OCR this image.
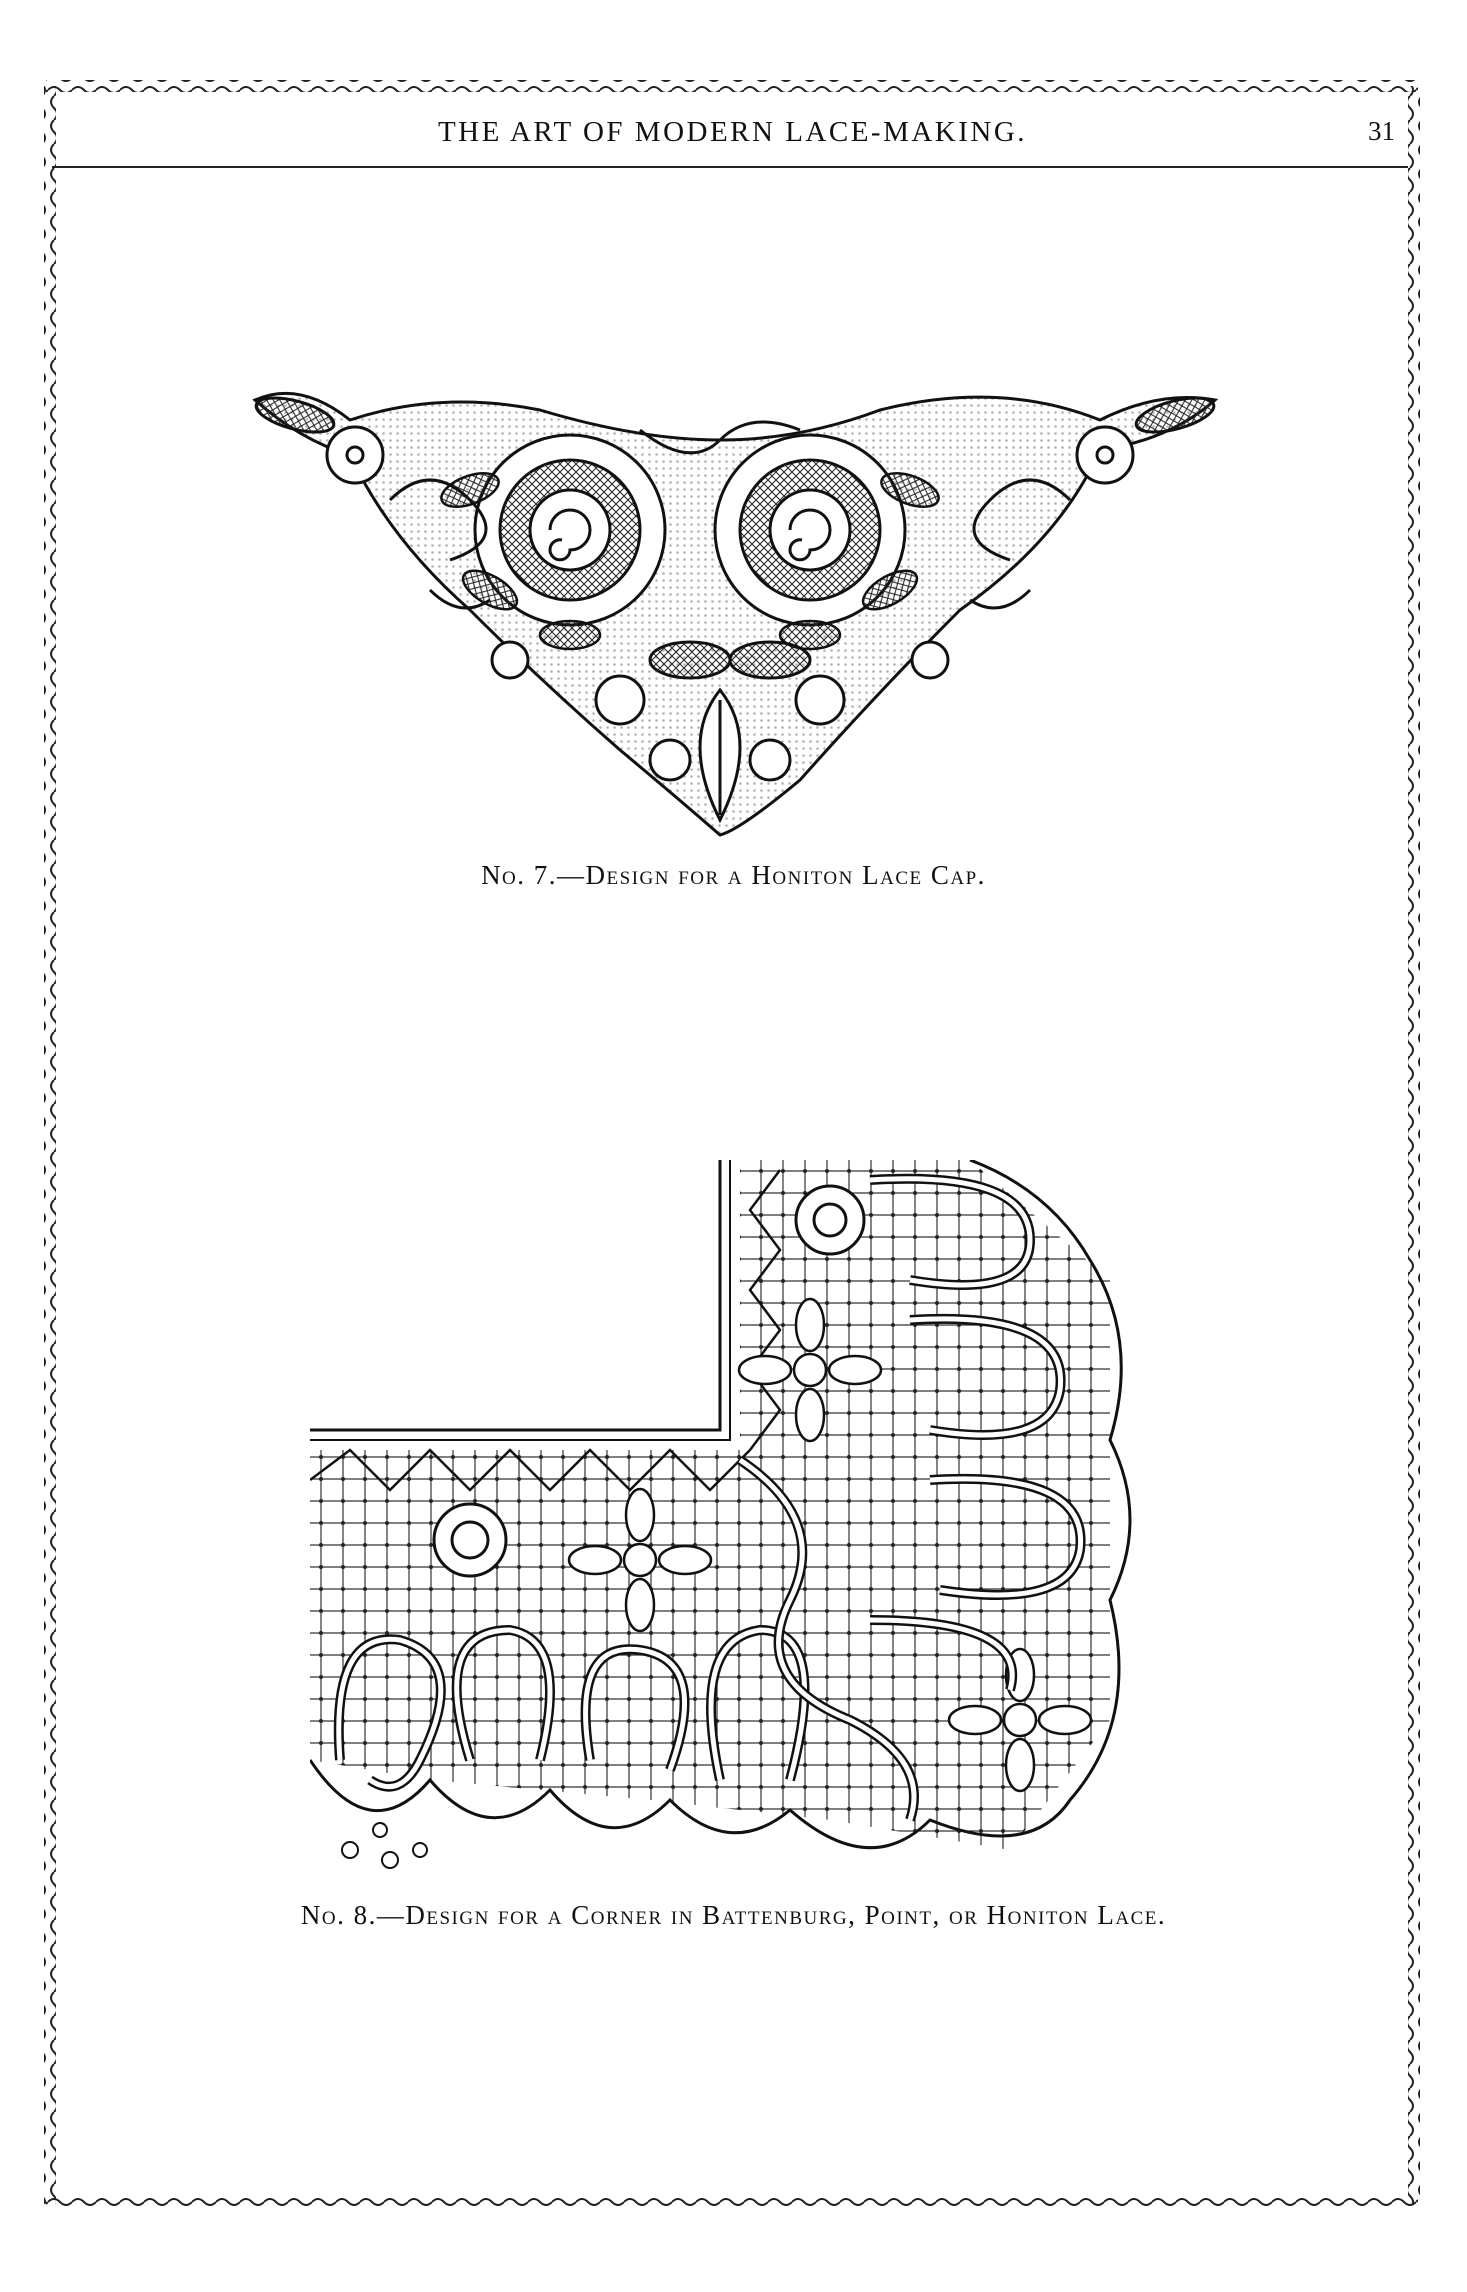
THE ART OF MODERN LACE-MAKING.	31
No. 7.—Design for a Honiton Lace Cap.
No. 8.—Design for a Corner in Battenburg, Point, or Honiton Lace.
